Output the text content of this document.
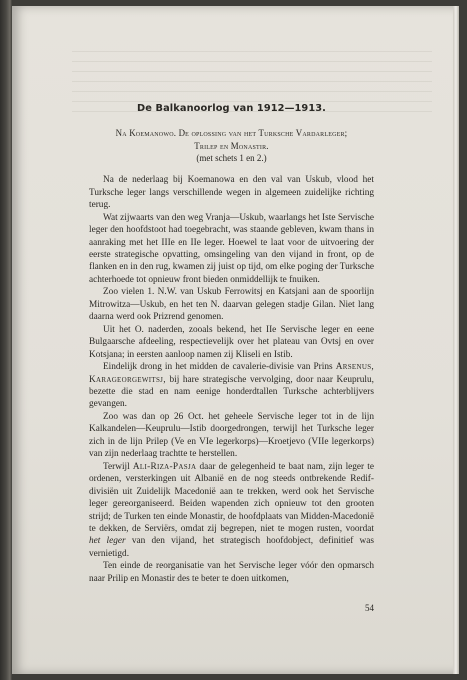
De Balkanoorlog van 1912—1913.

Na Koemanowo. De oplossing van het Turksche Vardarleger;

Trilep en Monastir.

(met schets 1 en 2.)

Na de nederlaag bij Koemanowa en den val van Uskub, vlood het Turksche leger langs verschillende wegen in algemeen zuidelijke richting terug.

Wat zijwaarts van den weg Vranja—Uskub, waarlangs het Iste Servische leger den hoofdstoot had toegebracht, was staande gebleven, kwam thans in aanraking met het IIIe en IIe leger. Hoewel te laat voor de uitvoering der eerste strategische opvatting, omsingeling van den vijand in front, op de flanken en in den rug, kwamen zij juist op tijd, om elke poging der Turksche achterhoede tot opnieuw front bieden onmiddellijk te fnuiken.

Zoo vielen 1. N.W. van Uskub Ferrowitsj en Katsjani aan de spoorlijn Mitrowitza—Uskub, en het ten N. daarvan gelegen stadje Gilan. Niet lang daarna werd ook Prizrend genomen.

Uit het O. naderden, zooals bekend, het IIe Servische leger en eene Bulgaarsche afdeeling, respectievelijk over het plateau van Ovtsj en over Kotsjana; in eersten aanloop namen zij Kliseli en Istib.

Eindelijk drong in het midden de cavalerie-divisie van Prins Arsenus, Karageorgewitsj, bij hare strategische vervolging, door naar Keuprulu, bezette die stad en nam eenige honderdtallen Turksche achterblijvers gevangen.

Zoo was dan op 26 Oct. het geheele Servische leger tot in de lijn Kalkandelen—Keuprulu—Istib doorgedrongen, terwijl het Turksche leger zich in de lijn Prilep (Ve en VIe legerkorps)—Kroetjevo (VIIe legerkorps) van zijn nederlaag trachtte te herstellen.

Terwijl Ali-Riza-Pasja daar de gelegenheid te baat nam, zijn leger te ordenen, versterkingen uit Albanië en de nog steeds ontbrekende Redif-divisiën uit Zuidelijk Macedonië aan te trekken, werd ook het Servische leger gereorganiseerd. Beiden wapenden zich opnieuw tot den grooten strijd; de Turken ten einde Monastir, de hoofdplaats van Midden-Macedonië te dekken, de Serviërs, omdat zij begrepen, niet te mogen rusten, voordat het leger van den vijand, het strategisch hoofdobject, definitief was vernietigd.

Ten einde de reorganisatie van het Servische leger vóór den opmarsch naar Prilip en Monastir des te beter te doen uitkomen,

54
